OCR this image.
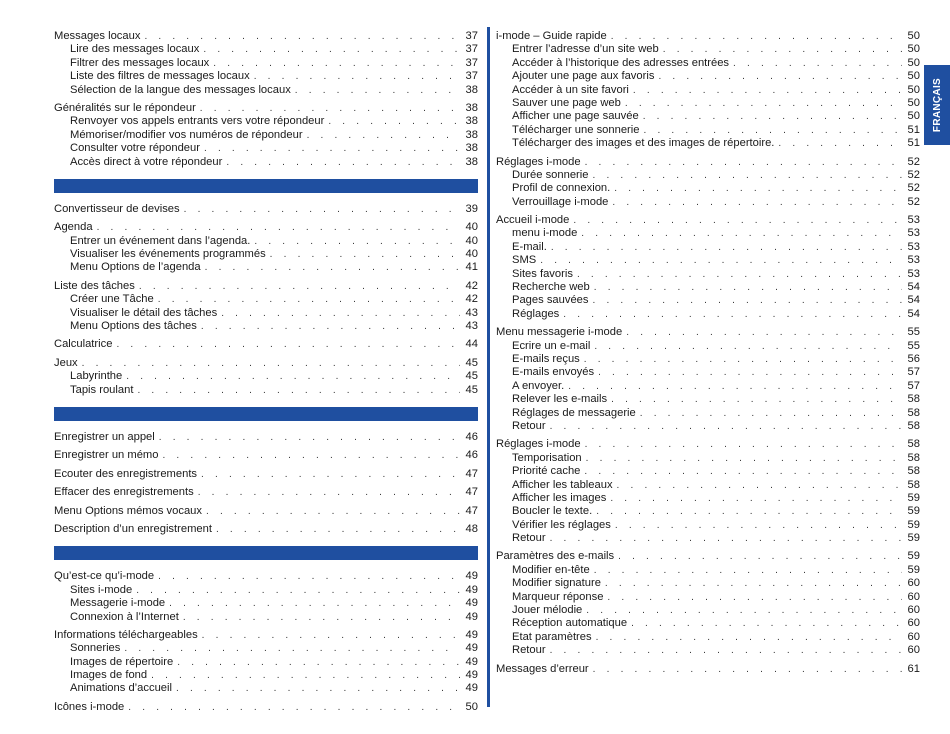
Messages locaux . . .	37
Lire des messages locaux . . .	37
Filtrer des messages locaux . . .	37
Liste des filtres de messages locaux . . .	37
Sélection de la langue des messages locaux . . .	38
Généralités sur le répondeur . . .	38
Renvoyer vos appels entrants vers votre répondeur . . .	38
Mémoriser/modifier vos numéros de répondeur . . .	38
Consulter votre répondeur . . .	38
Accès direct à votre répondeur . . .	38
Convertisseur de devises . . .	39
Agenda . . .	40
Entrer un événement dans l’agenda. . . .	40
Visualiser les événements programmés . . .	40
Menu Options de l’agenda . . .	41
Liste des tâches . . .	42
Créer une Tâche . . .	42
Visualiser le détail des tâches . . .	43
Menu Options des tâches . . .	43
Calculatrice . . .	44
Jeux . . .	45
Labyrinthe . . .	45
Tapis roulant . . .	45
Enregistrer un appel . . .	46
Enregistrer un mémo . . .	46
Ecouter des enregistrements . . .	47
Effacer des enregistrements . . .	47
Menu Options mémos vocaux . . .	47
Description d’un enregistrement . . .	48
Qu’est-ce qu’i-mode . . .	49
Sites i-mode . . .	49
Messagerie i-mode . . .	49
Connexion à l’Internet . . .	49
Informations téléchargeables . . .	49
Sonneries . . .	49
Images de répertoire . . .	49
Images de fond . . .	49
Animations d’accueil . . .	49
Icônes i-mode . . .	50
i-mode – Guide rapide . . .	50
Entrer l’adresse d’un site web . . .	50
Accéder à l’historique des adresses entrées . . .	50
Ajouter une page aux favoris . . .	50
Accéder à un site favori . . .	50
Sauver une page web . . .	50
Afficher une page sauvée . . .	50
Télécharger une sonnerie . . .	51
Télécharger des images et des images de répertoire. . . .	51
Réglages i-mode . . .	52
Durée sonnerie . . .	52
Profil de connexion. . . .	52
Verrouillage i-mode . . .	52
Accueil i-mode . . .	53
menu i-mode . . .	53
E-mail. . . .	53
SMS . . .	53
Sites favoris . . .	53
Recherche web . . .	54
Pages sauvées . . .	54
Réglages . . .	54
Menu messagerie i-mode . . .	55
Ecrire un e-mail . . .	55
E-mails reçus . . .	56
E-mails envoyés . . .	57
A envoyer. . . .	57
Relever les e-mails . . .	58
Réglages de messagerie . . .	58
Retour . . .	58
Réglages i-mode . . .	58
Temporisation . . .	58
Priorité cache . . .	58
Afficher les tableaux . . .	58
Afficher les images . . .	59
Boucler le texte. . . .	59
Vérifier les réglages . . .	59
Retour . . .	59
Paramètres des e-mails . . .	59
Modifier en-tête . . .	59
Modifier signature . . .	60
Marqueur réponse . . .	60
Jouer mélodie . . .	60
Réception automatique . . .	60
Etat paramètres . . .	60
Retour . . .	60
Messages d’erreur . . .	61
FRANÇAIS
